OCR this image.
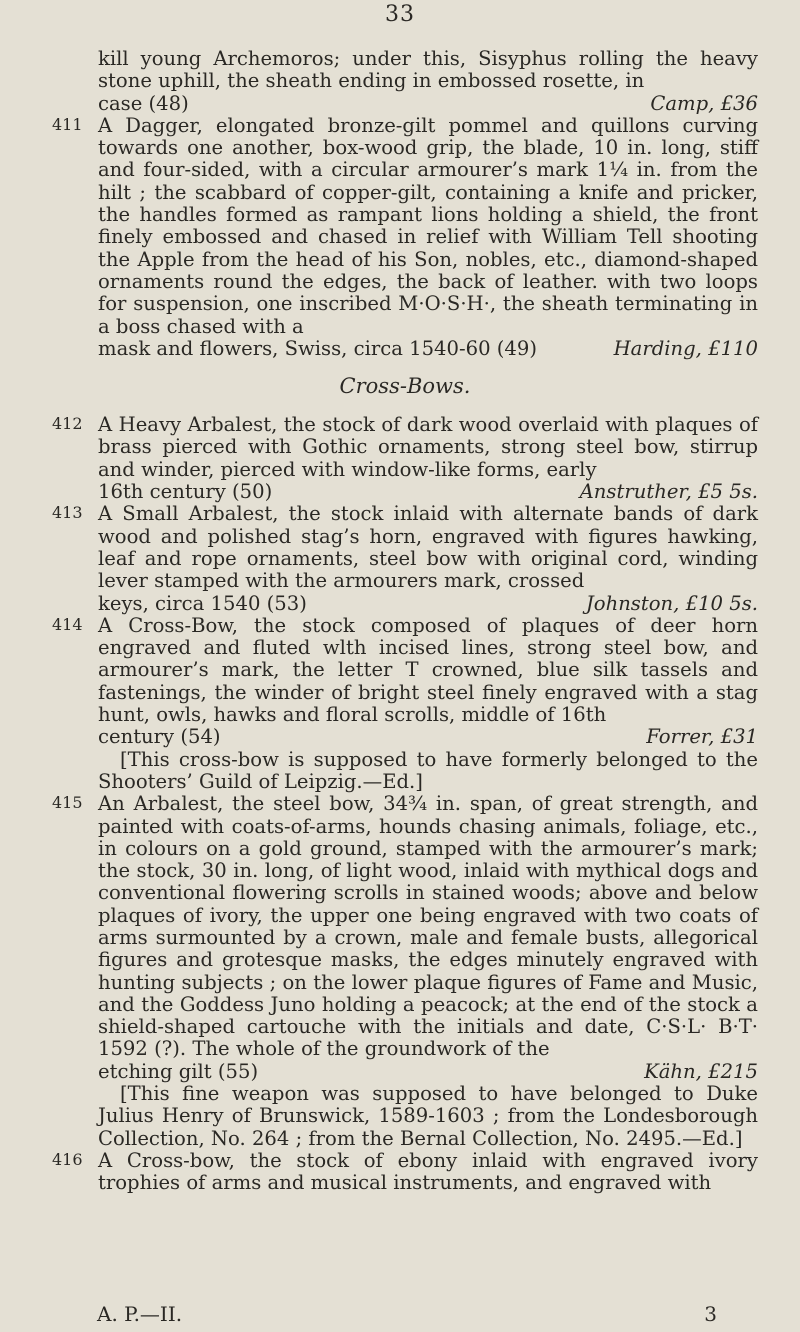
33

kill young Archemoros; under this, Sisyphus rolling the heavy stone uphill, the sheath ending in embossed rosette, in

case (48)	Camp, £36

411 A Dagger, elongated bronze-gilt pommel and quillons curving towards one another, box-wood grip, the blade, 10 in. long, stiff and four-sided, with a circular armourer’s mark 1¼ in. from the hilt ; the scabbard of copper-gilt, containing a knife and pricker, the handles formed as rampant lions holding a shield, the front finely embossed and chased in relief with William Tell shooting the Apple from the head of his Son, nobles, etc., diamond-shaped ornaments round the edges, the back of leather. with two loops for suspension, one inscribed M·O·S·H·, the sheath terminating in a boss chased with a

mask and flowers, Swiss, circa 1540-60 (49)	Harding, £110

Cross-Bows.

412 A Heavy Arbalest, the stock of dark wood overlaid with plaques of brass pierced with Gothic ornaments, strong steel bow, stirrup and winder, pierced with window-like forms, early

16th century (50)	Anstruther, £5 5s.

413 A Small Arbalest, the stock inlaid with alternate bands of dark wood and polished stag’s horn, engraved with figures hawking, leaf and rope ornaments, steel bow with original cord, winding lever stamped with the armourers mark, crossed

keys, circa 1540 (53)	Johnston, £10 5s.

414 A Cross-Bow, the stock composed of plaques of deer horn engraved and fluted wlth incised lines, strong steel bow, and armourer’s mark, the letter T crowned, blue silk tassels and fastenings, the winder of bright steel finely engraved with a stag hunt, owls, hawks and floral scrolls, middle of 16th

century (54)	Forrer, £31

[This cross-bow is supposed to have formerly belonged to the Shooters’ Guild of Leipzig.—Ed.]

415 An Arbalest, the steel bow, 34¾ in. span, of great strength, and painted with coats-of-arms, hounds chasing animals, foliage, etc., in colours on a gold ground, stamped with the armourer’s mark; the stock, 30 in. long, of light wood, inlaid with mythical dogs and conventional flowering scrolls in stained woods; above and below plaques of ivory, the upper one being engraved with two coats of arms surmounted by a crown, male and female busts, allegorical figures and grotesque masks, the edges minutely engraved with hunting subjects ; on the lower plaque figures of Fame and Music, and the Goddess Juno holding a peacock; at the end of the stock a shield-shaped cartouche with the initials and date, C·S·L· B·T· 1592 (?). The whole of the groundwork of the

etching gilt (55)	Kähn, £215

[This fine weapon was supposed to have belonged to Duke Julius Henry of Brunswick, 1589-1603 ; from the Londesborough Collection, No. 264 ; from the Bernal Collection, No. 2495.—Ed.]

416 A Cross-bow, the stock of ebony inlaid with engraved ivory trophies of arms and musical instruments, and engraved with

A. P.—II.	3
